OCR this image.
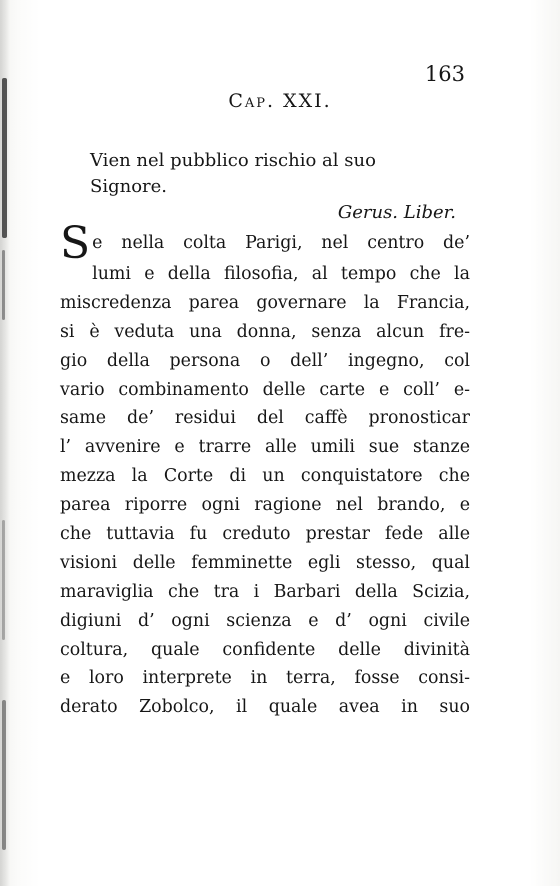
163
Cap. XXI.
Vien nel pubblico rischio al suo Signore.
Gerus. Liber.
S e nella colta Parigi, nel centro de’
lumi e della filosofia, al tempo che la
miscredenza parea governare la Francia,
si è veduta una donna, senza alcun fre-
gio della persona o dell’ ingegno, col
vario combinamento delle carte e coll’ e-
same de’ residui del caffè pronosticar
l’ avvenire e trarre alle umili sue stanze
mezza la Corte di un conquistatore che
parea riporre ogni ragione nel brando, e
che tuttavia fu creduto prestar fede alle
visioni delle femminette egli stesso, qual
maraviglia che tra i Barbari della Scizia,
digiuni d’ ogni scienza e d’ ogni civile
coltura, quale confidente delle divinità
e loro interprete in terra, fosse consi-
derato Zobolco, il quale avea in suo
